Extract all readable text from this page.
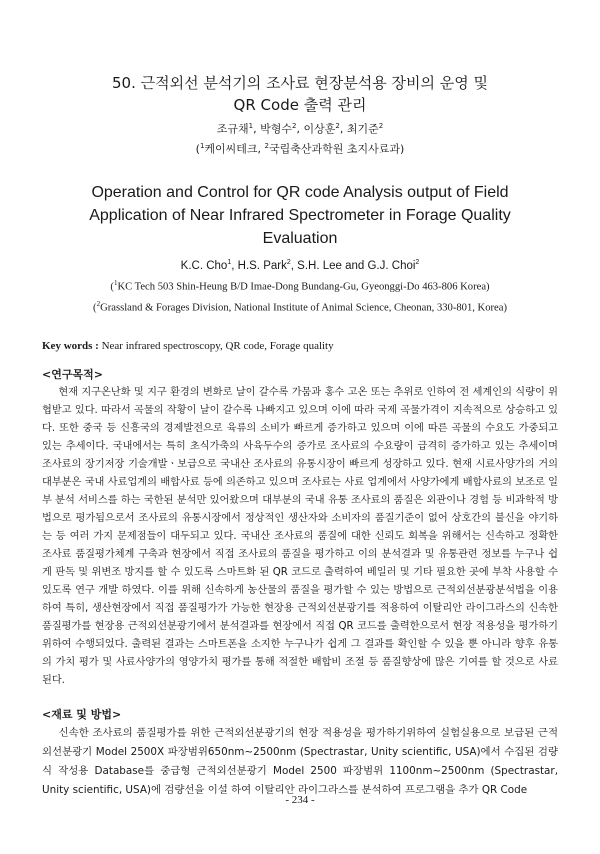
50. 근적외선 분석기의 조사료 현장분석용 장비의 운영 및

QR Code 출력 관리

조규채$^1$, 박형수$^2$, 이상훈$^2$, 최기준$^2$
($^1$케이씨테크, $^2$국립축산과학원 초지사료과)

Operation and Control for QR code Analysis output of Field

Application of Near Infrared Spectrometer in Forage Quality

Evaluation

K.C. Cho$^1$, H.S. Park$^2$, S.H. Lee and G.J. Choi$^2$
($^1$KC Tech 503 Shin-Heung B/D Imae-Dong Bundang-Gu, Gyeonggi-Do 463-806 Korea)
($^2$Grassland & Forages Division, National Institute of Animal Science, Cheonan, 330-801, Korea)
Key words : Near infrared spectroscopy, QR code, Forage quality
<연구목적>

현재 지구온난화 및 지구 환경의 변화로 날이 갈수록 가뭄과 홍수 고온 또는 추위로 인하여 전 세계인의 식량이 위협받고 있다. 따라서 곡물의 작황이 날이 갈수록 나빠지고 있으며 이에 따라 국제 곡물가격이 지속적으로 상승하고 있다. 또한 중국 등 신흥국의 경제발전으로 육류의 소비가 빠르게 증가하고 있으며 이에 따른 곡물의 수요도 가중되고 있는 추세이다. 국내에서는 특히 초식가축의 사육두수의 증가로 조사료의 수요량이 급격히 증가하고 있는 추세이며 조사료의 장기저장 기술개발ㆍ보급으로 국내산 조사료의 유통시장이 빠르게 성장하고 있다. 현재 시료사양가의 거의 대부분은 국내 사료업계의 배합사료 등에 의존하고 있으며 조사료는 사료 업계에서 사양가에게 배합사료의 보조로 일부 분석 서비스를 하는 국한된 분석만 있어왔으며 대부분의 국내 유통 조사료의 품질은 외관이나 경험 등 비과학적 방법으로 평가됨으로서 조사료의 유통시장에서 정상적인 생산자와 소비자의 품질기준이 없어 상호간의 불신을 야기하는 등 여러 가지 문제점들이 대두되고 있다. 국내산 조사료의 품질에 대한 신뢰도 회복을 위해서는 신속하고 정확한 조사료 품질평가체계 구축과 현장에서 직접 조사료의 품질을 평가하고 이의 분석결과 및 유통관련 정보를 누구나 쉽게 판독 및 위변조 방지를 할 수 있도록 스마트화 된 QR 코드로 출력하여 베일러 및 기타 필요한 곳에 부착 사용할 수 있도록 연구 개발 하였다. 이를 위해 신속하게 농산물의 품질을 평가할 수 있는 방법으로 근적외선분광분석법을 이용하여 특히, 생산현장에서 직접 품질평가가 가능한 현장용 근적외선분광기를 적용하여 이탈리안 라이그라스의 신속한 품질평가를 현장용 근적외선분광기에서 분석결과를 현장에서 직접 QR 코드를 출력한으로서 현장 적용성을 평가하기위하여 수행되었다. 출력된 결과는 스마트폰을 소지한 누구나가 쉽게 그 결과를 확인할 수 있을 뿐 아니라 향후 유통의 가치 평가 및 사료사양가의 영양가치 평가를 통해 적절한 배합비 조절 등 품질향상에 많은 기여를 할 것으로 사료된다.

<재료 및 방법>

신속한 조사료의 품질평가를 위한 근적외선분광기의 현장 적용성을 평가하기위하여 실험실용으로 보급된 근적외선분광기 Model 2500X 파장범위650nm~2500nm (Spectrastar, Unity scientific, USA)에서 수집된 검량식 작성용 Database를 중급형 근적외선분광기 Model 2500 파장범위 1100nm~2500nm (Spectrastar, Unity scientific, USA)에 검량선을 이설 하여 이탈리안 라이그라스를 분석하여 프로그램을 추가 QR Code

- 234 -
